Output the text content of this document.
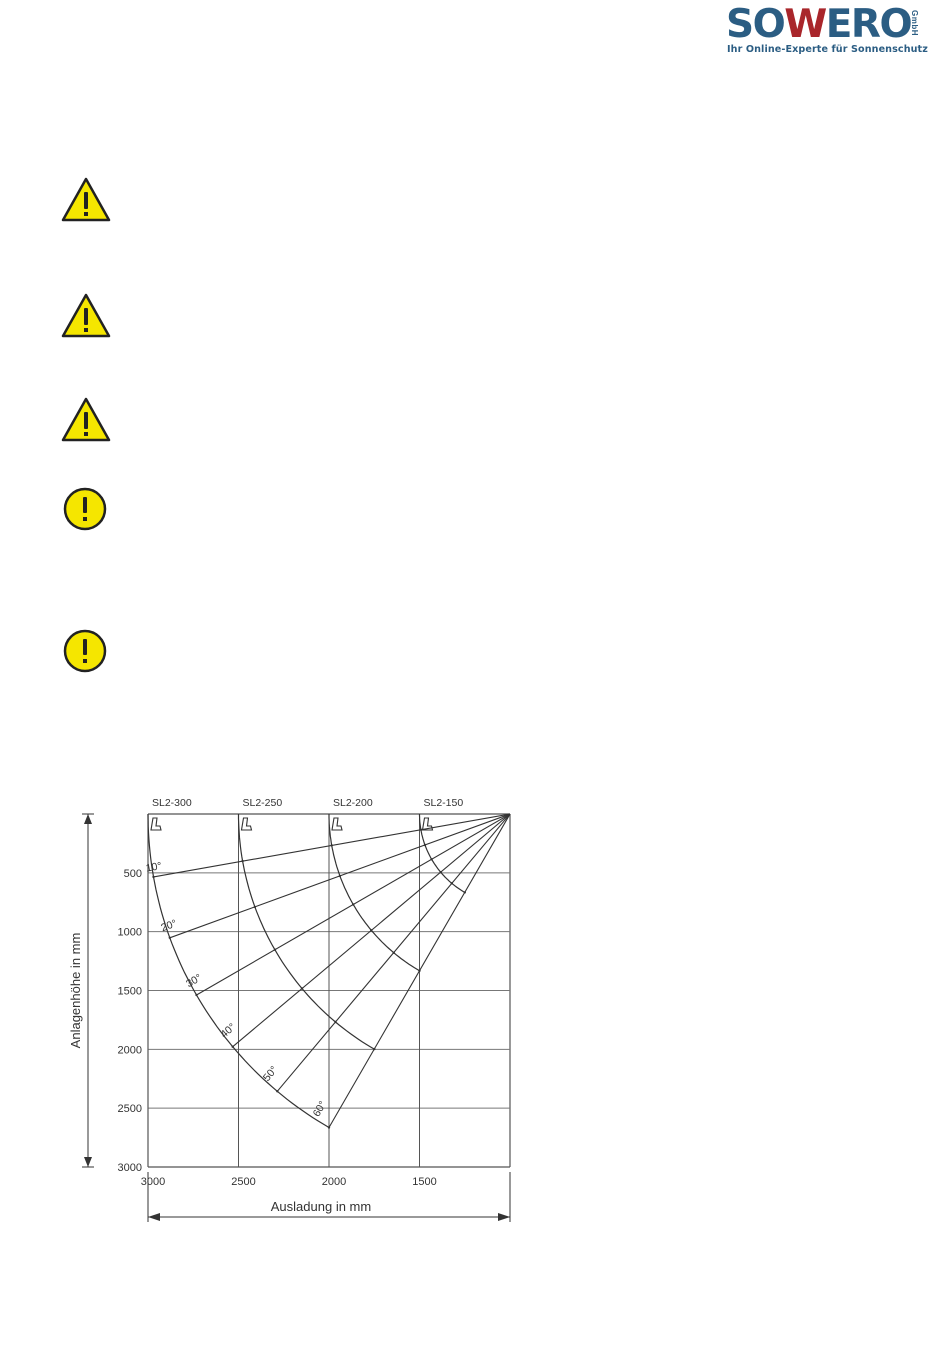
SOWERO
GmbH
Ihr Online-Experte für Sonnenschutz
500
1000
1500
2000
2500
3000
SL2-300	SL2-250	SL2-200	SL2-150
3000	2500	2000	1500
10°
20°
30°
40°
50°
60°
Anlagenhöhe in mm
Ausladung in mm
